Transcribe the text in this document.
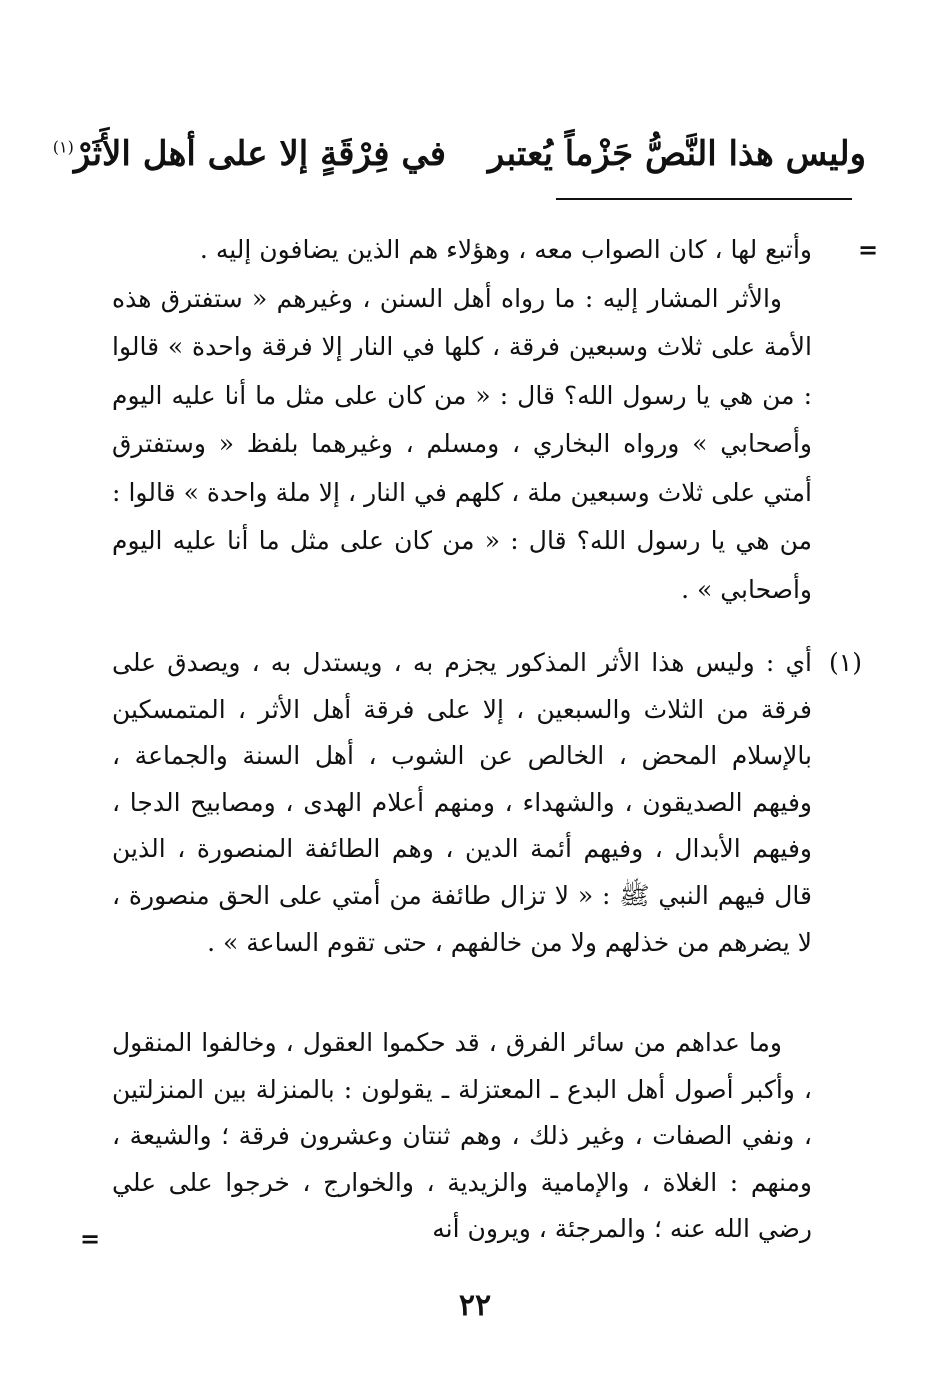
وليس هذا النَّصُّ جَزْماً يُعتبر
في فِرْقَةٍ إلا على أهل الأَثَرْ$^{(١)}$
=

وأتبع لها ، كان الصواب معه ، وهؤلاء هم الذين يضافون إليه .

والأثر المشار إليه : ما رواه أهل السنن ، وغيرهم « ستفترق هذه الأمة على ثلاث وسبعين فرقة ، كلها في النار إلا فرقة واحدة » قالوا : من هي يا رسول الله؟ قال : « من كان على مثل ما أنا عليه اليوم وأصحابي » ورواه البخاري ، ومسلم ، وغيرهما بلفظ « وستفترق أمتي على ثلاث وسبعين ملة ، كلهم في النار ، إلا ملة واحدة » قالوا : من هي يا رسول الله؟ قال : « من كان على مثل ما أنا عليه اليوم وأصحابي » .

(١)

أي : وليس هذا الأثر المذكور يجزم به ، ويستدل به ، ويصدق على فرقة من الثلاث والسبعين ، إلا على فرقة أهل الأثر ، المتمسكين بالإسلام المحض ، الخالص عن الشوب ، أهل السنة والجماعة ، وفيهم الصديقون ، والشهداء ، ومنهم أعلام الهدى ، ومصابيح الدجا ، وفيهم الأبدال ، وفيهم أئمة الدين ، وهم الطائفة المنصورة ، الذين قال فيهم النبي ﷺ : « لا تزال طائفة من أمتي على الحق منصورة ، لا يضرهم من خذلهم ولا من خالفهم ، حتى تقوم الساعة » .

وما عداهم من سائر الفرق ، قد حكموا العقول ، وخالفوا المنقول ، وأكبر أصول أهل البدع ـ المعتزلة ـ يقولون : بالمنزلة بين المنزلتين ، ونفي الصفات ، وغير ذلك ، وهم ثنتان وعشرون فرقة ؛ والشيعة ، ومنهم : الغلاة ، والإمامية والزيدية ، والخوارج ، خرجوا على علي رضي الله عنه ؛ والمرجئة ، ويرون أنه

=
٢٢
